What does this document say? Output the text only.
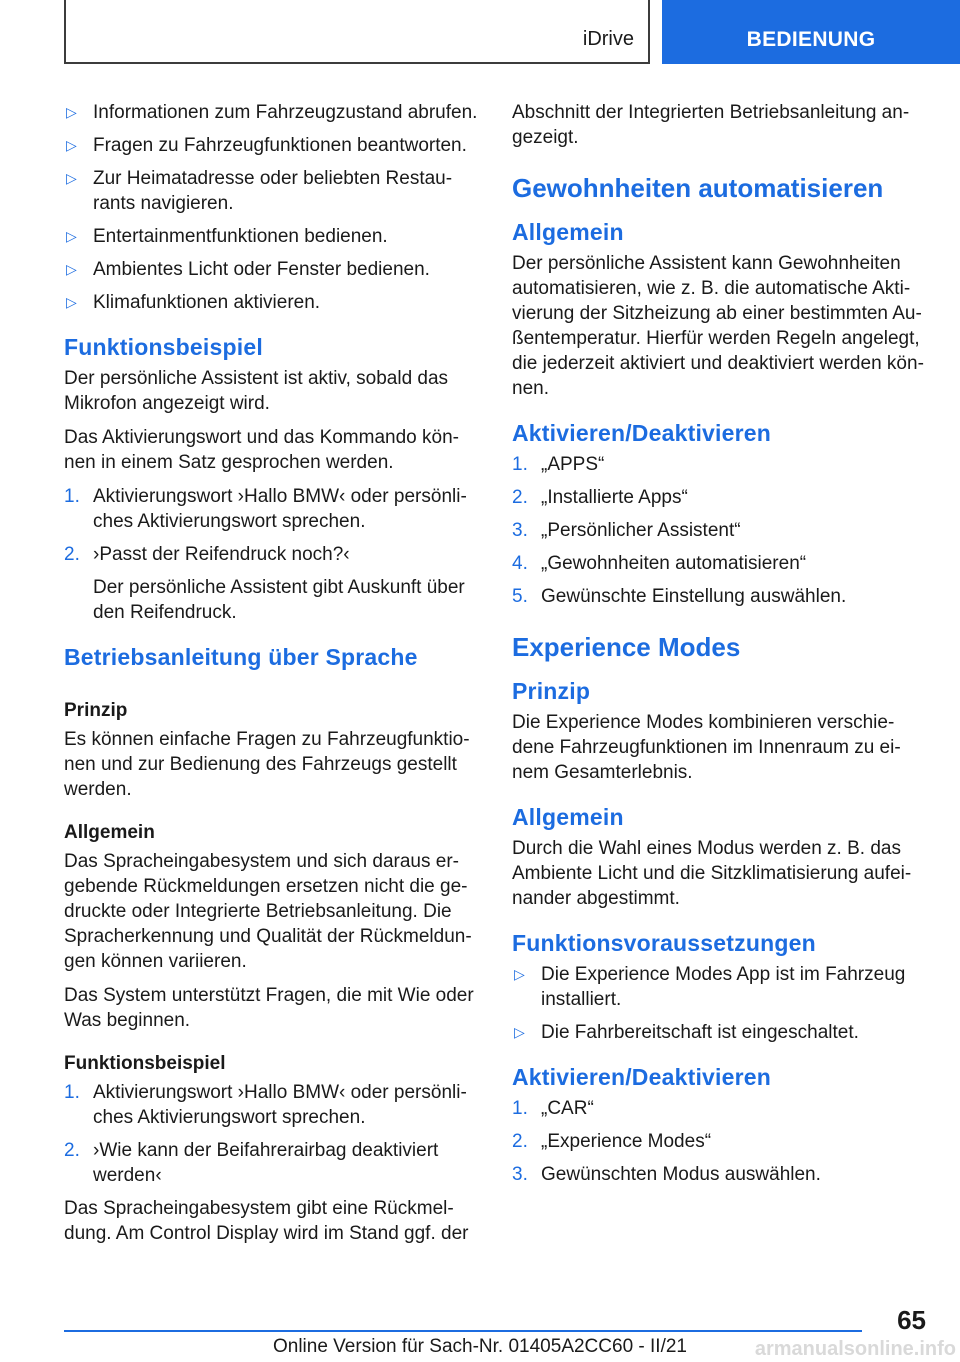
iDrive	BEDIENUNG
▷ Informationen zum Fahrzeugzustand abrufen.
▷ Fragen zu Fahrzeugfunktionen beantworten.
▷ Zur Heimatadresse oder beliebten Restaurants navigieren.
▷ Entertainmentfunktionen bedienen.
▷ Ambientes Licht oder Fenster bedienen.
▷ Klimafunktionen aktivieren.
Funktionsbeispiel

Der persönliche Assistent ist aktiv, sobald das Mikrofon angezeigt wird.

Das Aktivierungswort und das Kommando können in einem Satz gesprochen werden.

1. Aktivierungswort ›Hallo BMW‹ oder persönliches Aktivierungswort sprechen.
2. ›Passt der Reifendruck noch?‹

Der persönliche Assistent gibt Auskunft über den Reifendruck.

Betriebsanleitung über Sprache
Prinzip

Es können einfache Fragen zu Fahrzeugfunktionen und zur Bedienung des Fahrzeugs gestellt werden.

Allgemein

Das Spracheingabesystem und sich daraus ergebende Rückmeldungen ersetzen nicht die gedruckte oder Integrierte Betriebsanleitung. Die Spracherkennung und Qualität der Rückmeldungen können variieren.

Das System unterstützt Fragen, die mit Wie oder Was beginnen.

Funktionsbeispiel
1. Aktivierungswort ›Hallo BMW‹ oder persönliches Aktivierungswort sprechen.
2. ›Wie kann der Beifahrerairbag deaktiviert werden‹

Das Spracheingabesystem gibt eine Rückmeldung. Am Control Display wird im Stand ggf. der

Abschnitt der Integrierten Betriebsanleitung angezeigt.

Gewohnheiten automatisieren
Allgemein

Der persönliche Assistent kann Gewohnheiten automatisieren, wie z. B. die automatische Aktivierung der Sitzheizung ab einer bestimmten Außentemperatur. Hierfür werden Regeln angelegt, die jederzeit aktiviert und deaktiviert werden können.

Aktivieren/Deaktivieren
1. „APPS“
2. „Installierte Apps“
3. „Persönlicher Assistent“
4. „Gewohnheiten automatisieren“
5. Gewünschte Einstellung auswählen.
Experience Modes
Prinzip

Die Experience Modes kombinieren verschiedene Fahrzeugfunktionen im Innenraum zu einem Gesamterlebnis.

Allgemein

Durch die Wahl eines Modus werden z. B. das Ambiente Licht und die Sitzklimatisierung aufeinander abgestimmt.

Funktionsvoraussetzungen
▷ Die Experience Modes App ist im Fahrzeug installiert.
▷ Die Fahrbereitschaft ist eingeschaltet.
Aktivieren/Deaktivieren
1. „CAR“
2. „Experience Modes“
3. Gewünschten Modus auswählen.
65
Online Version für Sach-Nr. 01405A2CC60 - II/21	armanualsonline.info
